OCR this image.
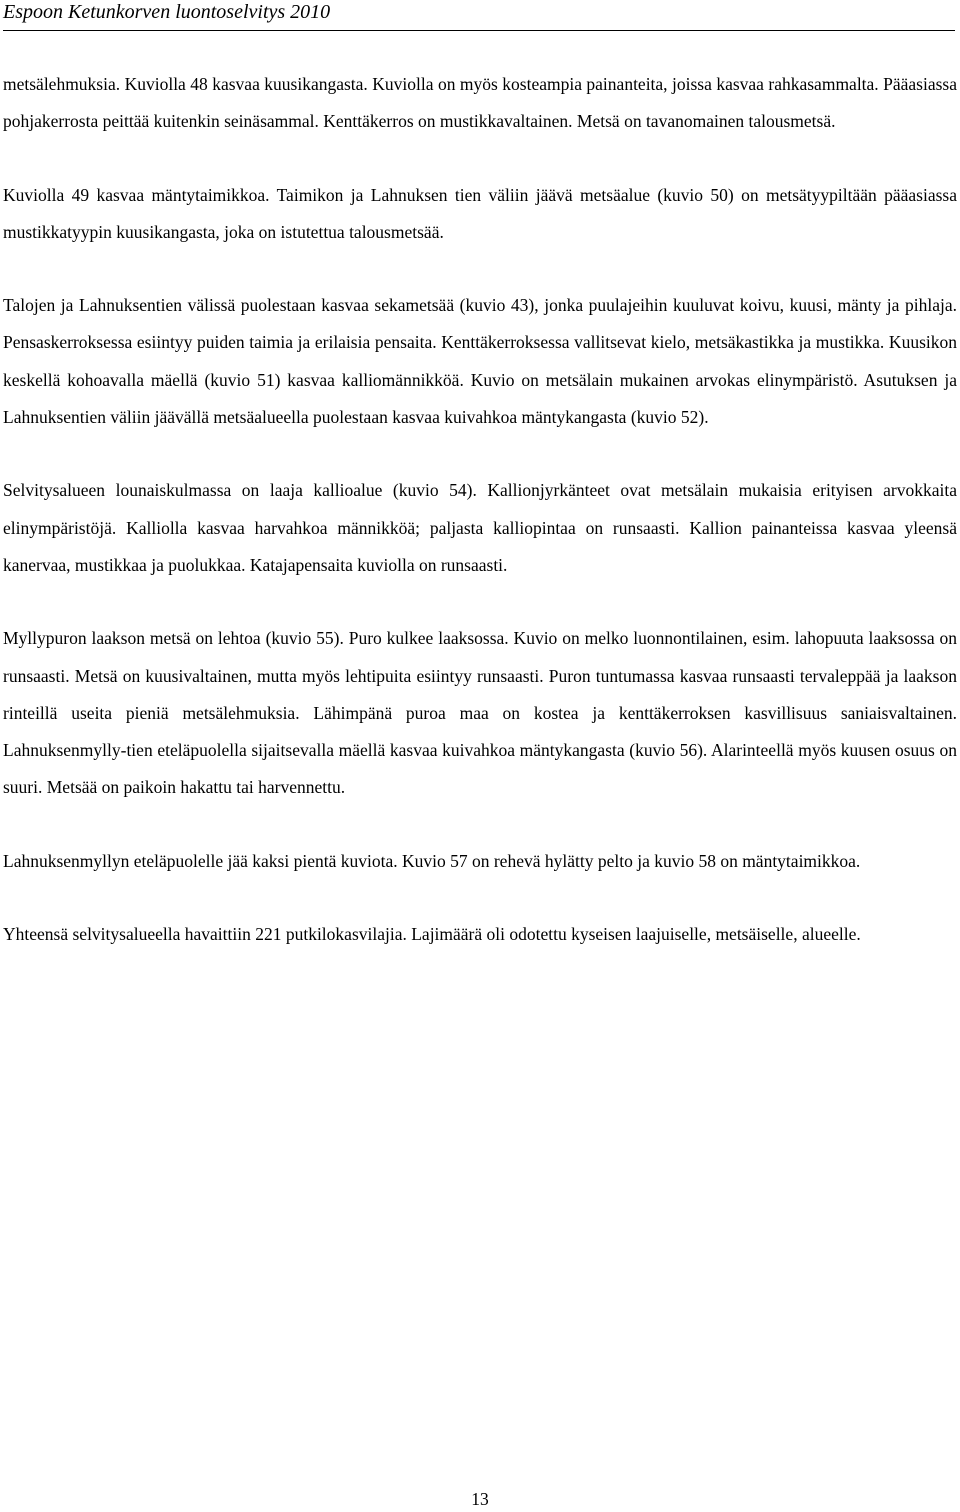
Espoon Ketunkorven luontoselvitys 2010

metsälehmuksia. Kuviolla 48 kasvaa kuusikangasta. Kuviolla on myös kosteampia painanteita, joissa kasvaa rahkasammalta. Pääasiassa pohjakerrosta peittää kuitenkin seinäsammal. Kenttäkerros on mustikkavaltainen. Metsä on tavanomainen talousmetsä.

Kuviolla 49 kasvaa mäntytaimikkoa. Taimikon ja Lahnuksen tien väliin jäävä metsäalue (kuvio 50) on metsätyypiltään pääasiassa mustikkatyypin kuusikangasta, joka on istutettua talousmetsää.

Talojen ja Lahnuksentien välissä puolestaan kasvaa sekametsää (kuvio 43), jonka puulajeihin kuuluvat koivu, kuusi, mänty ja pihlaja. Pensaskerroksessa esiintyy puiden taimia ja erilaisia pensaita. Kenttäkerroksessa vallitsevat kielo, metsäkastikka ja mustikka. Kuusikon keskellä kohoavalla mäellä (kuvio 51) kasvaa kalliomännikköä. Kuvio on metsälain mukainen arvokas elinympäristö. Asutuksen ja Lahnuksentien väliin jäävällä metsäalueella puolestaan kasvaa kuivahkoa mäntykangasta (kuvio 52).

Selvitysalueen lounaiskulmassa on laaja kallioalue (kuvio 54). Kallionjyrkänteet ovat metsälain mukaisia erityisen arvokkaita elinympäristöjä. Kalliolla kasvaa harvahkoa männikköä; paljasta kalliopintaa on runsaasti. Kallion painanteissa kasvaa yleensä kanervaa, mustikkaa ja puolukkaa. Katajapensaita kuviolla on runsaasti.

Myllypuron laakson metsä on lehtoa (kuvio 55). Puro kulkee laaksossa. Kuvio on melko luonnontilainen, esim. lahopuuta laaksossa on runsaasti. Metsä on kuusivaltainen, mutta myös lehtipuita esiintyy runsaasti. Puron tuntumassa kasvaa runsaasti tervaleppää ja laakson rinteillä useita pieniä metsälehmuksia. Lähimpänä puroa maa on kostea ja kenttäkerroksen kasvillisuus saniaisvaltainen. Lahnuksenmylly-tien eteläpuolella sijaitsevalla mäellä kasvaa kuivahkoa mäntykangasta (kuvio 56). Alarinteellä myös kuusen osuus on suuri. Metsää on paikoin hakattu tai harvennettu.

Lahnuksenmyllyn eteläpuolelle jää kaksi pientä kuviota. Kuvio 57 on rehevä hylätty pelto ja kuvio 58 on mäntytaimikkoa.

Yhteensä selvitysalueella havaittiin 221 putkilokasvilajia. Lajimäärä oli odotettu kyseisen laajuiselle, metsäiselle, alueelle.

13
